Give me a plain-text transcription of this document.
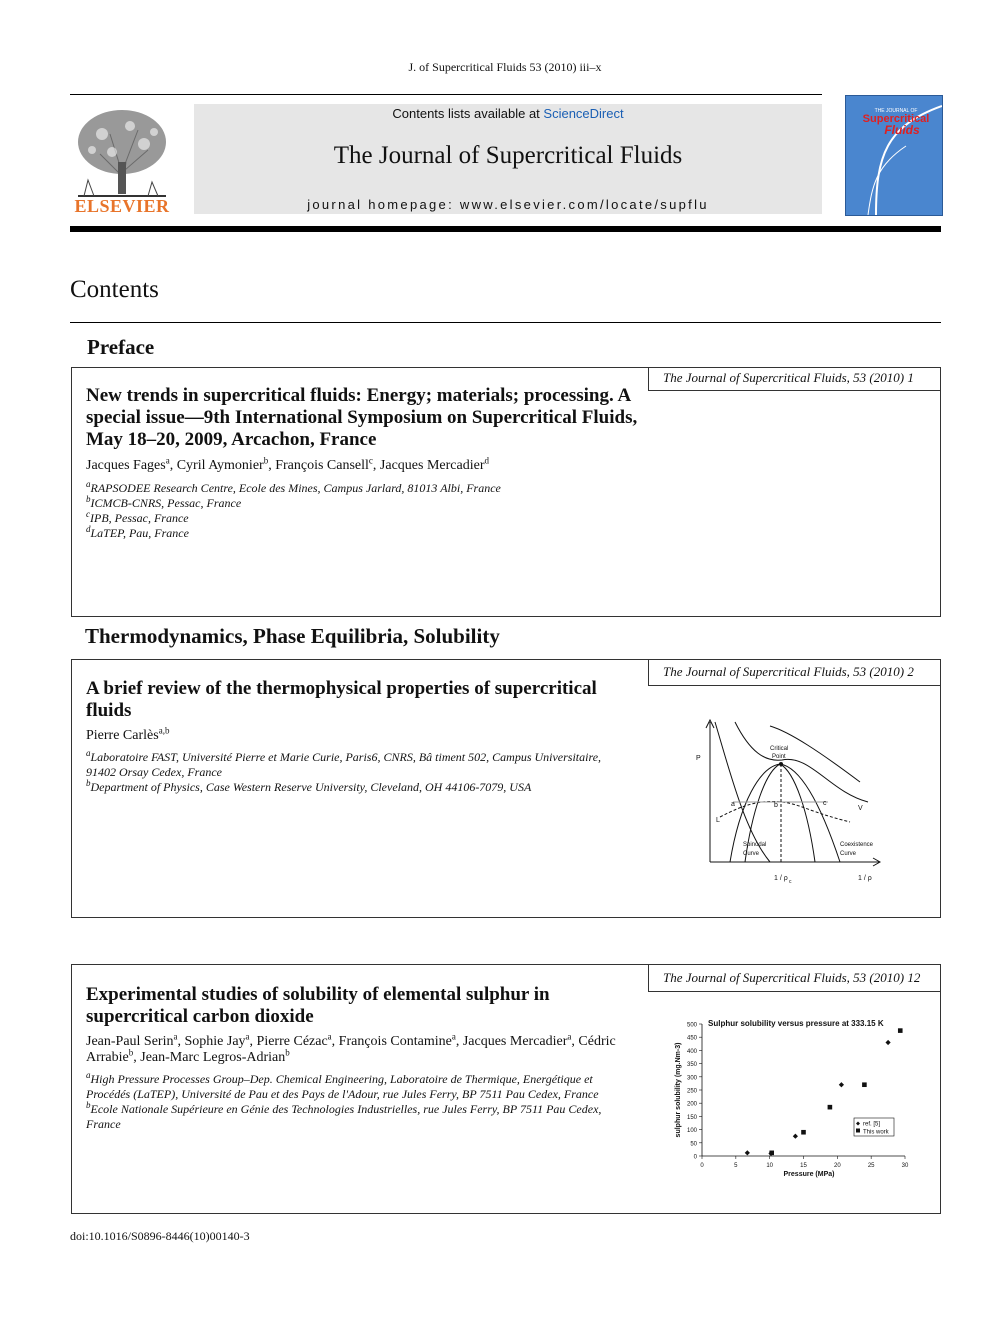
J. of Supercritical Fluids 53 (2010) iii–x
ELSEVIER
Contents lists available at ScienceDirect
The Journal of Supercritical Fluids
journal homepage: www.elsevier.com/locate/supflu
THE JOURNAL OF
Supercritical
Fluids
Contents
Preface
The Journal of Supercritical Fluids, 53 (2010) 1
New trends in supercritical fluids: Energy; materials; processing. A special issue—9th International Symposium on Supercritical Fluids, May 18–20, 2009, Arcachon, France
Jacques Fages$^a$, Cyril Aymonier$^b$, François Cansell$^c$, Jacques Mercadier$^d$
$^a$RAPSODEE Research Centre, Ecole des Mines, Campus Jarlard, 81013 Albi, France
$^b$ICMCB-CNRS, Pessac, France
$^c$IPB, Pessac, France
$^d$LaTEP, Pau, France
Thermodynamics, Phase Equilibria, Solubility
The Journal of Supercritical Fluids, 53 (2010) 2
A brief review of the thermophysical properties of supercritical fluids
Pierre Carlès$^{a,b}$
$^a$Laboratoire FAST, Université Pierre et Marie Curie, Paris6, CNRS, Bâ timent 502, Campus Universitaire, 91402 Orsay Cedex, France
$^b$Department of Physics, Case Western Reserve University, Cleveland, OH 44106-7079, USA
P
Critical
Point
a	b	c
L
V
Spinodal
Curve
Coexistence
Curve
1 / ρ c	1 / ρ
The Journal of Supercritical Fluids, 53 (2010) 12
Experimental studies of solubility of elemental sulphur in supercritical carbon dioxide
Jean-Paul Serin$^a$, Sophie Jay$^a$, Pierre Cézac$^a$, François Contamine$^a$, Jacques Mercadier$^a$, Cédric Arrabie$^b$, Jean-Marc Legros-Adrian$^b$
$^a$High Pressure Processes Group–Dep. Chemical Engineering, Laboratoire de Thermique, Energétique et Procédés (LaTEP), Université de Pau et des Pays de l'Adour, rue Jules Ferry, BP 7511 Pau Cedex, France
$^b$Ecole Nationale Supérieure en Génie des Technologies Industrielles, rue Jules Ferry, BP 7511 Pau Cedex, France
Sulphur solubility versus pressure at 333.15 K
Pressure (MPa)
sulphur solubility (mg.Nm-3)
0
50
100
150
200
250
300
350
400
450
500
0	5	10	15	20	25	30
ref. [5]
This work
doi:10.1016/S0896-8446(10)00140-3
